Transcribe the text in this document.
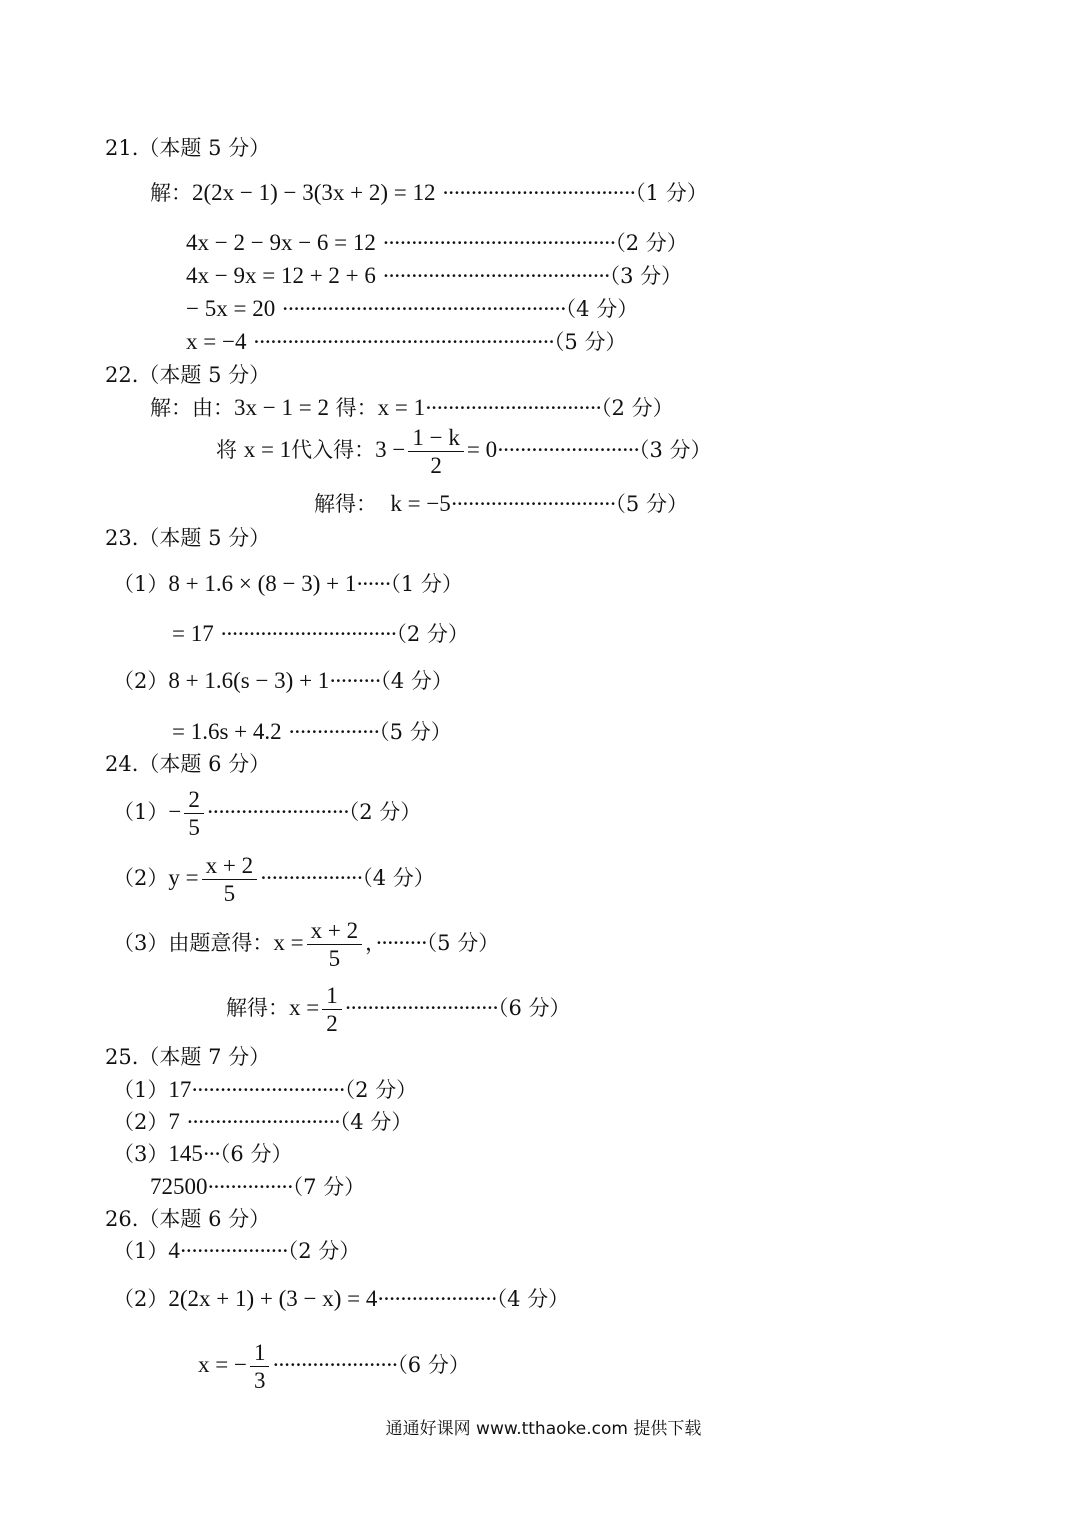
21.（本题 5 分）
解：2(2x − 1) − 3(3x + 2) = 12 ··································（1 分）
4x − 2 − 9x − 6 = 12 ·········································（2 分）
4x − 9x = 12 + 2 + 6 ········································（3 分）
− 5x = 20 ··················································（4 分）
x = −4 ·····················································（5 分）
22.（本题 5 分）
解：由：3x − 1 = 2 得：x = 1·······························（2 分）
将 x = 1代入得：$3 - \frac{1 - k}{2} = 0\cdot\cdot\cdot\cdot\cdot\cdot\cdot\cdot\cdot\cdot\cdot\cdot\cdot\cdot\cdot\cdot\cdot\cdot\cdot\cdot\cdot\cdot\cdot\cdot\cdot(3$ 分）
解得： k = −5·····························（5 分）
23.（本题 5 分）
（1）8 + 1.6 × (8 − 3) + 1······（1 分）
= 17 ·······························（2 分）
（2）8 + 1.6(s − 3) + 1·········（4 分）
= 1.6s + 4.2 ················（5 分）
24.（本题 6 分）
$(1)- \frac{2}{5} \cdot\cdot\cdot\cdot\cdot\cdot\cdot\cdot\cdot\cdot\cdot\cdot\cdot\cdot\cdot\cdot\cdot\cdot\cdot\cdot\cdot\cdot\cdot\cdot\cdot(2$ 分）
$(2)y = \frac{x + 2}{5} \cdot\cdot\cdot\cdot\cdot\cdot\cdot\cdot\cdot\cdot\cdot\cdot\cdot\cdot\cdot\cdot\cdot\cdot(4$ 分）
（3）由题意得：$x = \frac{x + 2}{5}$ ，·········（5 分）
解得：$x = \frac{1}{2} \cdot\cdot\cdot\cdot\cdot\cdot\cdot\cdot\cdot\cdot\cdot\cdot\cdot\cdot\cdot\cdot\cdot\cdot\cdot\cdot\cdot\cdot\cdot\cdot\cdot\cdot\cdot(6$ 分）
25.（本题 7 分）
（1）17···························（2 分）
（2）7 ···························（4 分）
（3）145···（6 分）
72500···············（7 分）
26.（本题 6 分）
（1）4···················（2 分）
（2）2(2x + 1) + (3 − x) = 4·····················（4 分）
x = − $\frac{1}{3} \cdot\cdot\cdot\cdot\cdot\cdot\cdot\cdot\cdot\cdot\cdot\cdot\cdot\cdot\cdot\cdot\cdot\cdot\cdot\cdot\cdot\cdot(6$ 分）
通通好课网 www.tthaoke.com 提供下载
